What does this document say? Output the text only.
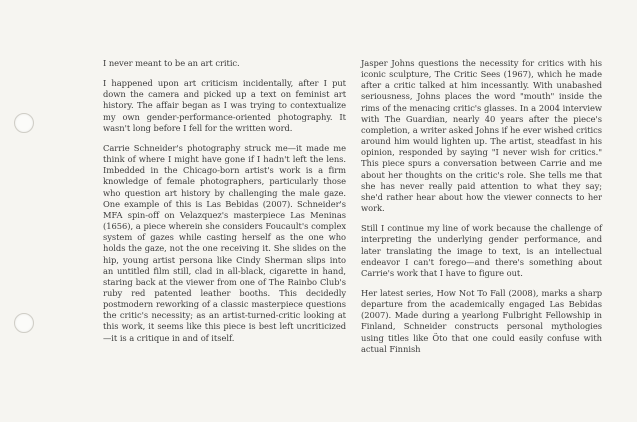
I never meant to be an art critic.

I happened upon art criticism incidentally, after I put down the camera and picked up a text on feminist art history. The affair began as I was trying to contextualize my own gender-performance-oriented photography. It wasn't long before I fell for the written word.

Carrie Schneider's photography struck me—it made me think of where I might have gone if I hadn't left the lens. Imbedded in the Chicago-born artist's work is a firm knowledge of female photographers, particularly those who question art history by challenging the male gaze. One example of this is Las Bebidas (2007). Schneider's MFA spin-off on Velazquez's masterpiece Las Meninas (1656), a piece wherein she considers Foucault's complex system of gazes while casting herself as the one who holds the gaze, not the one receiving it. She slides on the hip, young artist persona like Cindy Sherman slips into an untitled film still, clad in all-black, cigarette in hand, staring back at the viewer from one of The Rainbo Club's ruby red patented leather booths. This decidedly postmodern reworking of a classic masterpiece questions the critic's necessity; as an artist-turned-critic looking at this work, it seems like this piece is best left uncriticized—it is a critique in and of itself.

Jasper Johns questions the necessity for critics with his iconic sculpture, The Critic Sees (1967), which he made after a critic talked at him incessantly. With unabashed seriousness, Johns places the word "mouth" inside the rims of the menacing critic's glasses. In a 2004 interview with The Guardian, nearly 40 years after the piece's completion, a writer asked Johns if he ever wished critics around him would lighten up. The artist, steadfast in his opinion, responded by saying "I never wish for critics." This piece spurs a conversation between Carrie and me about her thoughts on the critic's role. She tells me that she has never really paid attention to what they say; she'd rather hear about how the viewer connects to her work.

Still I continue my line of work because the challenge of interpreting the underlying gender performance, and later translating the image to text, is an intellectual endeavor I can't forego—and there's something about Carrie's work that I have to figure out.

Her latest series, How Not To Fall (2008), marks a sharp departure from the academically engaged Las Bebidas (2007). Made during a yearlong Fulbright Fellowship in Finland, Schneider constructs personal mythologies using titles like Öto that one could easily confuse with actual Finnish
